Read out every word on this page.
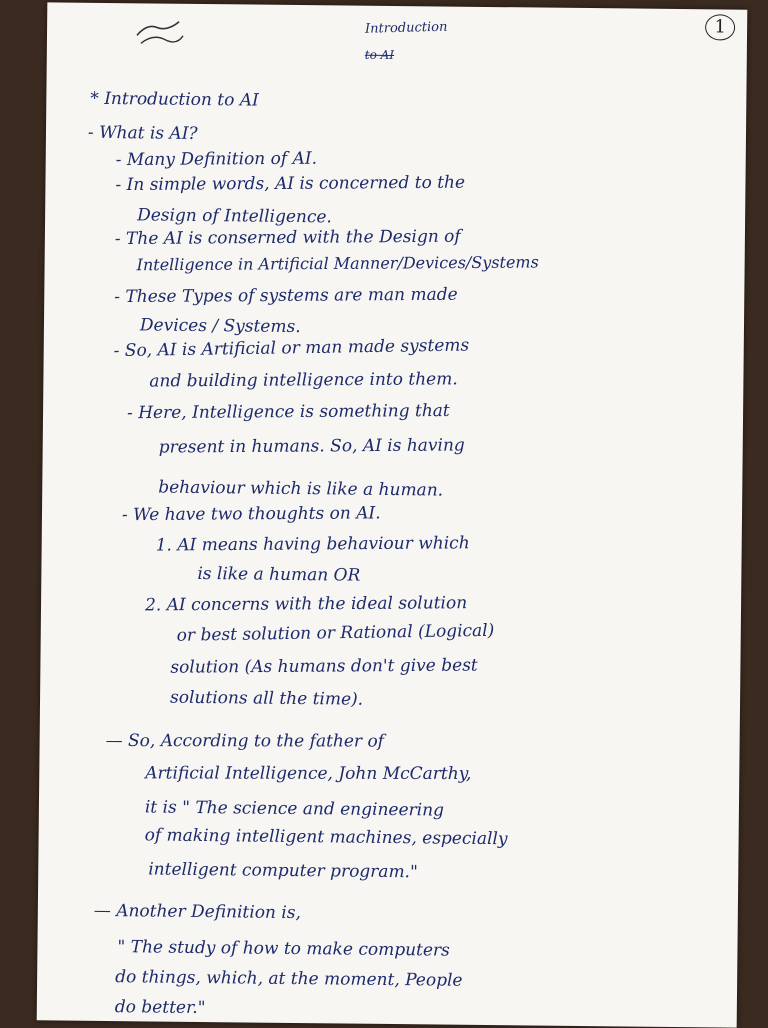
1
Introduction
to AI
* Introduction to AI
- What is AI?
- Many Definition of AI.
- In simple words, AI is concerned to the
Design of Intelligence.
- The AI is conserned with the Design of
Intelligence in Artificial Manner/Devices/Systems
- These Types of systems are man made
Devices / Systems.
- So, AI is Artificial or man made systems
and building intelligence into them.
- Here, Intelligence is something that
present in humans. So, AI is having
behaviour which is like a human.
- We have two thoughts on AI.
1. AI means having behaviour which
is like a human OR
2. AI concerns with the ideal solution
or best solution or Rational (Logical)
solution (As humans don't give best
solutions all the time).
— So, According to the father of
Artificial Intelligence, John McCarthy,
it is " The science and engineering
of making intelligent machines, especially
intelligent computer program."
— Another Definition is,
" The study of how to make computers
do things, which, at the moment, People
do better."
